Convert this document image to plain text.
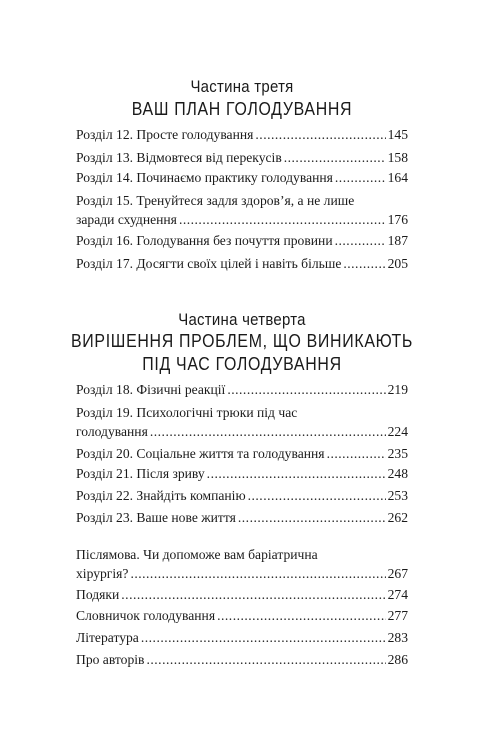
Частина третя
ВАШ ПЛАН ГОЛОДУВАННЯ
Розділ 12. Просте голодування .....	145
Розділ 13. Відмовтеся від перекусів .....	158
Розділ 14. Починаємо практику голодування .....	164
Розділ 15. Тренуйтеся задля здоров’я, а не лише
заради схуднення .....	176
Розділ 16. Голодування без почуття провини .....	187
Розділ 17. Досягти своїх цілей і навіть більше .....	205
Частина четверта
ВИРІШЕННЯ ПРОБЛЕМ, ЩО ВИНИКАЮТЬ
ПІД ЧАС ГОЛОДУВАННЯ
Розділ 18. Фізичні реакції .....	219
Розділ 19. Психологічні трюки під час
голодування .....	224
Розділ 20. Соціальне життя та голодування .....	235
Розділ 21. Після зриву .....	248
Розділ 22. Знайдіть компанію .....	253
Розділ 23. Ваше нове життя .....	262
Післямова. Чи допоможе вам баріатрична
хірургія? .....	267
Подяки .....	274
Словничок голодування .....	277
Література .....	283
Про авторів .....	286
